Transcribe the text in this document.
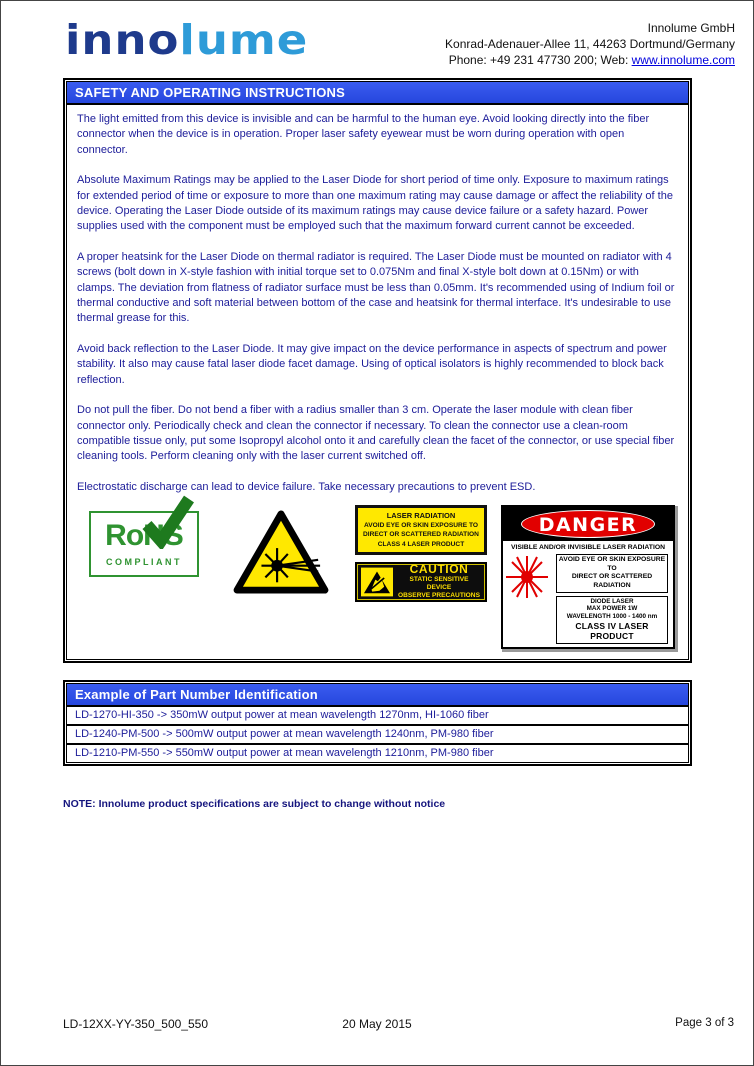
innolume	Innolume GmbH
Konrad-Adenauer-Allee 11, 44263 Dortmund/Germany
Phone: +49 231 47730 200; Web: www.innolume.com
SAFETY AND OPERATING INSTRUCTIONS

The light emitted from this device is invisible and can be harmful to the human eye. Avoid looking directly into the fiber connector when the device is in operation. Proper laser safety eyewear must be worn during operation with open connector.

Absolute Maximum Ratings may be applied to the Laser Diode for short period of time only. Exposure to maximum ratings for extended period of time or exposure to more than one maximum rating may cause damage or affect the reliability of the device. Operating the Laser Diode outside of its maximum ratings may cause device failure or a safety hazard. Power supplies used with the component must be employed such that the maximum forward current cannot be exceeded.

A proper heatsink for the Laser Diode on thermal radiator is required. The Laser Diode must be mounted on radiator with 4 screws (bolt down in X-style fashion with initial torque set to 0.075Nm and final X-style bolt down at 0.15Nm) or with clamps. The deviation from flatness of radiator surface must be less than 0.05mm. It's recommended using of Indium foil or thermal conductive and soft material between bottom of the case and heatsink for thermal interface. It's undesirable to use thermal grease for this.

Avoid back reflection to the Laser Diode. It may give impact on the device performance in aspects of spectrum and power stability. It also may cause fatal laser diode facet damage. Using of optical isolators is highly recommended to block back reflection.

Do not pull the fiber. Do not bend a fiber with a radius smaller than 3 cm. Operate the laser module with clean fiber connector only. Periodically check and clean the connector if necessary. To clean the connector use a clean-room compatible tissue only, put some Isopropyl alcohol onto it and carefully clean the facet of the connector, or use special fiber cleaning tools. Perform cleaning only with the laser current switched off.

Electrostatic discharge can lead to device failure. Take necessary precautions to prevent ESD.

RoHS
COMPLIANT
LASER RADIATION
AVOID EYE OR SKIN EXPOSURE TO
DIRECT OR SCATTERED RADIATION
CLASS 4 LASER PRODUCT
CAUTION
STATIC SENSITIVE DEVICE
OBSERVE PRECAUTIONS
DANGER
VISIBLE AND/OR INVISIBLE LASER RADIATION
AVOID EYE OR SKIN EXPOSURE TO
DIRECT OR SCATTERED RADIATION
DIODE LASER
MAX POWER 1W
WAVELENGTH 1000 - 1400 nm
CLASS IV LASER PRODUCT
Example of Part Number Identification
LD-1270-HI-350 -> 350mW output power at mean wavelength 1270nm, HI-1060 fiber
LD-1240-PM-500 -> 500mW output power at mean wavelength 1240nm, PM-980 fiber
LD-1210-PM-550 -> 550mW output power at mean wavelength 1210nm, PM-980 fiber
NOTE: Innolume product specifications are subject to change without notice
LD-12XX-YY-350_500_550	20 May 2015	Page 3 of 3
